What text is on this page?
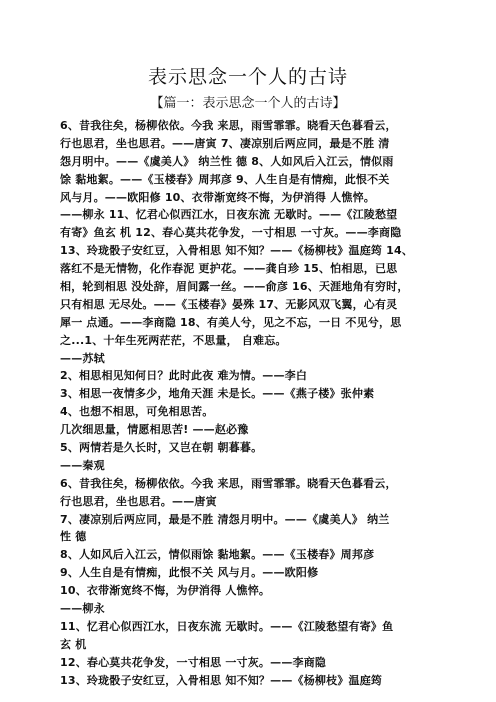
表示思念一个人的古诗
【篇一：表示思念一个人的古诗】
6、昔我往矣，杨柳依依。今我 来思，雨雪霏霏。晓看天色暮看云，
行也思君，坐也思君。——唐寅 7、凄凉别后两应同，最是不胜 清
怨月明中。——《虞美人》 纳兰性 德 8、人如风后入江云，情似雨
馀 黏地絮。——《玉楼春》周邦彦 9、人生自是有情痴，此恨不关
风与月。——欧阳修 10、衣带渐宽终不悔，为伊消得 人憔悴。
——柳永 11、忆君心似西江水，日夜东流 无歇时。——《江陵愁望
有寄》鱼玄 机 12、春心莫共花争发，一寸相思 一寸灰。——李商隐
13、玲珑骰子安红豆，入骨相思 知不知？——《杨柳枝》温庭筠 14、
落红不是无情物，化作春泥 更护花。——龚自珍 15、怕相思，已思
相，轮到相思 没处辞，眉间露一丝。——俞彦 16、天涯地角有穷时，
只有相思 无尽处。——《玉楼春》晏殊 17、无影风双飞翼，心有灵
犀一 点通。——李商隐 18、有美人兮，见之不忘，一日 不见兮，思
之...1、十年生死两茫茫，不思量， 自难忘。
——苏轼
2、相思相见知何日？此时此夜 难为情。——李白
3、相思一夜情多少，地角天涯 未是长。——《燕子楼》张仲素
4、也想不相思，可免相思苦。
几次细思量，情愿相思苦! ——赵必豫
5、两情若是久长时，又岂在朝 朝暮暮。
——秦观
6、昔我往矣，杨柳依依。今我 来思，雨雪霏霏。晓看天色暮看云，
行也思君，坐也思君。——唐寅
7、凄凉别后两应同，最是不胜 清怨月明中。——《虞美人》 纳兰
性 德
8、人如风后入江云，情似雨馀 黏地絮。——《玉楼春》周邦彦
9、人生自是有情痴，此恨不关 风与月。——欧阳修
10、衣带渐宽终不悔，为伊消得 人憔悴。
——柳永
11、忆君心似西江水，日夜东流 无歇时。——《江陵愁望有寄》鱼
玄 机
12、春心莫共花争发，一寸相思 一寸灰。——李商隐
13、玲珑骰子安红豆，入骨相思 知不知？——《杨柳枝》温庭筠
